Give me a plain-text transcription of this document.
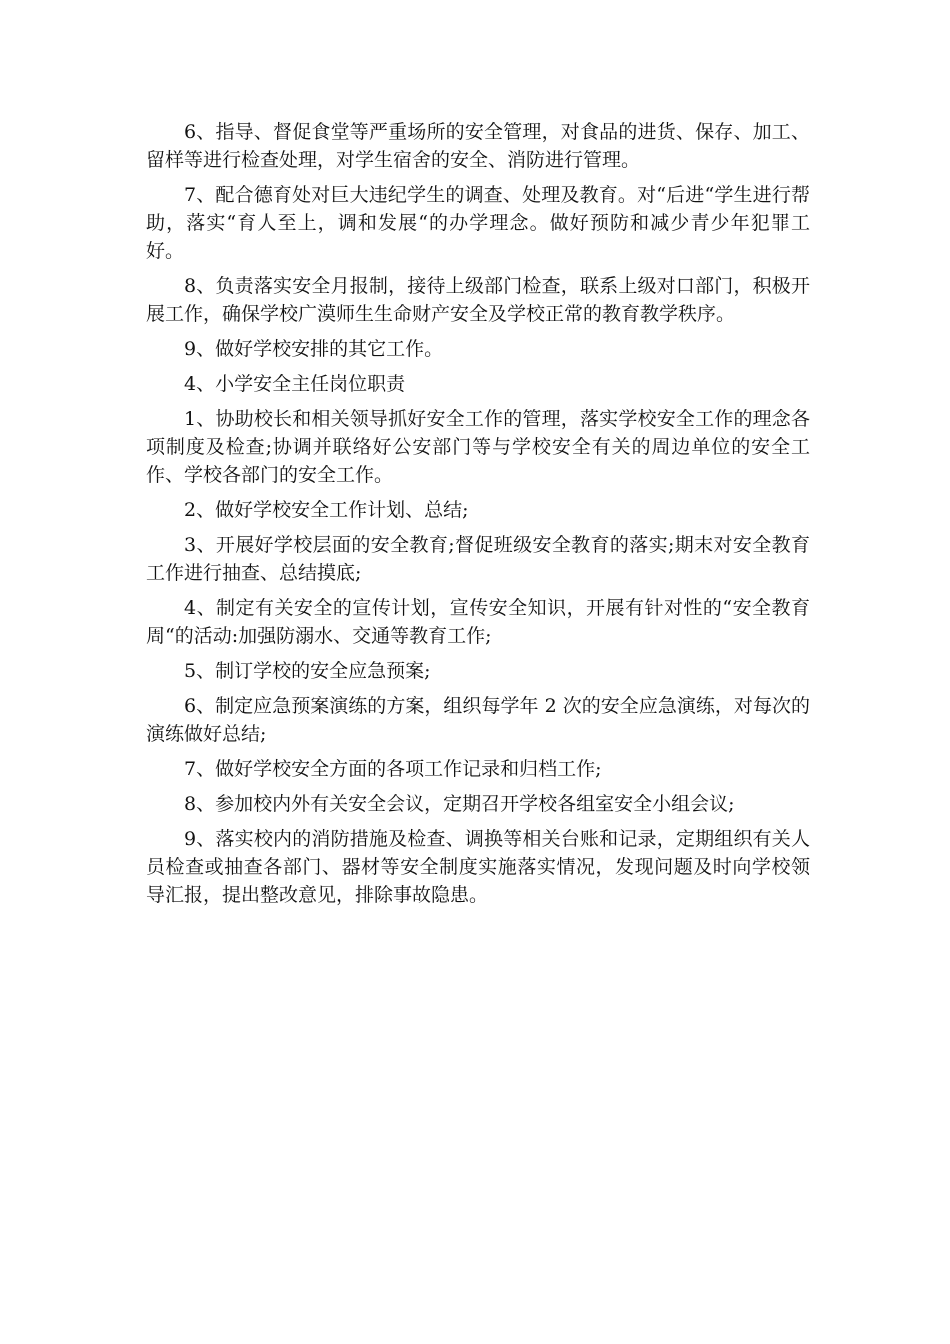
6、指导、督促食堂等严重场所的安全管理，对食品的进货、保存、加工、留样等进行检查处理，对学生宿舍的安全、消防进行管理。

7、配合德育处对巨大违纪学生的调查、处理及教育。对“后进“学生进行帮助，落实“育人至上，调和发展“的办学理念。做好预防和减少青少年犯罪工好。

8、负责落实安全月报制，接待上级部门检查，联系上级对口部门，积极开展工作，确保学校广漠师生生命财产安全及学校正常的教育教学秩序。

9、做好学校安排的其它工作。

4、小学安全主任岗位职责

1、协助校长和相关领导抓好安全工作的管理，落实学校安全工作的理念各项制度及检查;协调并联络好公安部门等与学校安全有关的周边单位的安全工作、学校各部门的安全工作。

2、做好学校安全工作计划、总结;

3、开展好学校层面的安全教育;督促班级安全教育的落实;期末对安全教育工作进行抽查、总结摸底;

4、制定有关安全的宣传计划，宣传安全知识，开展有针对性的“安全教育周“的活动:加强防溺水、交通等教育工作;

5、制订学校的安全应急预案;

6、制定应急预案演练的方案，组织每学年 2 次的安全应急演练，对每次的演练做好总结;

7、做好学校安全方面的各项工作记录和归档工作;

8、参加校内外有关安全会议，定期召开学校各组室安全小组会议;

9、落实校内的消防措施及检查、调换等相关台账和记录，定期组织有关人员检查或抽查各部门、器材等安全制度实施落实情况，发现问题及时向学校领导汇报，提出整改意见，排除事故隐患。
